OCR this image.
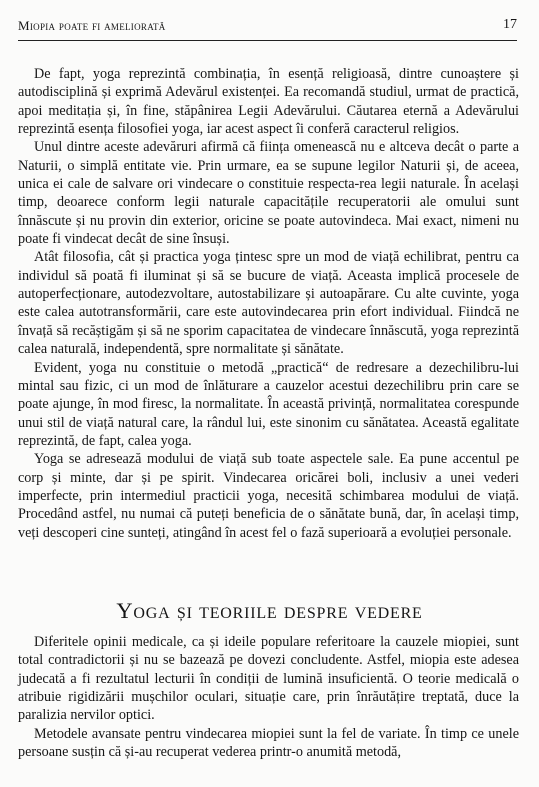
Miopia poate fi ameliorată	17

De fapt, yoga reprezintă combinația, în esență religioasă, dintre cunoaștere și autodisciplină și exprimă Adevărul existenței. Ea recomandă studiul, urmat de practică, apoi meditația și, în fine, stăpânirea Legii Adevărului. Căutarea eternă a Adevărului reprezintă esența filosofiei yoga, iar acest aspect îi conferă caracterul religios.

Unul dintre aceste adevăruri afirmă că ființa omenească nu e altceva decât o parte a Naturii, o simplă entitate vie. Prin urmare, ea se supune legilor Naturii și, de aceea, unica ei cale de salvare ori vindecare o constituie respecta-rea legii naturale. În același timp, deoarece conform legii naturale capacitățile recuperatorii ale omului sunt înnăscute și nu provin din exterior, oricine se poate autovindeca. Mai exact, nimeni nu poate fi vindecat decât de sine însuși.

Atât filosofia, cât și practica yoga țintesc spre un mod de viață echilibrat, pentru ca individul să poată fi iluminat și să se bucure de viață. Aceasta implică procesele de autoperfecționare, autodezvoltare, autostabilizare și autoapărare. Cu alte cuvinte, yoga este calea autotransformării, care este autovindecarea prin efort individual. Fiindcă ne învață să recăștigăm și să ne sporim capacitatea de vindecare înnăscută, yoga reprezintă calea naturală, independentă, spre normalitate și sănătate.

Evident, yoga nu constituie o metodă „practică“ de redresare a dezechilibru-lui mintal sau fizic, ci un mod de înlăturare a cauzelor acestui dezechilibru prin care se poate ajunge, în mod firesc, la normalitate. În această privință, normalitatea corespunde unui stil de viață natural care, la rândul lui, este sinonim cu sănătatea. Această egalitate reprezintă, de fapt, calea yoga.

Yoga se adresează modului de viață sub toate aspectele sale. Ea pune accentul pe corp și minte, dar și pe spirit. Vindecarea oricărei boli, inclusiv a unei vederi imperfecte, prin intermediul practicii yoga, necesită schimbarea modului de viață. Procedând astfel, nu numai că puteți beneficia de o sănătate bună, dar, în același timp, veți descoperi cine sunteți, atingând în acest fel o fază superioară a evoluției personale.

Yoga și teoriile despre vedere

Diferitele opinii medicale, ca și ideile populare referitoare la cauzele miopiei, sunt total contradictorii și nu se bazează pe dovezi concludente. Astfel, miopia este adesea judecată a fi rezultatul lecturii în condiții de lumină insuficientă. O teorie medicală o atribuie rigidizării mușchilor oculari, situație care, prin înrăutățire treptată, duce la paralizia nervilor optici.

Metodele avansate pentru vindecarea miopiei sunt la fel de variate. În timp ce unele persoane susțin că și-au recuperat vederea printr-o anumită metodă,
